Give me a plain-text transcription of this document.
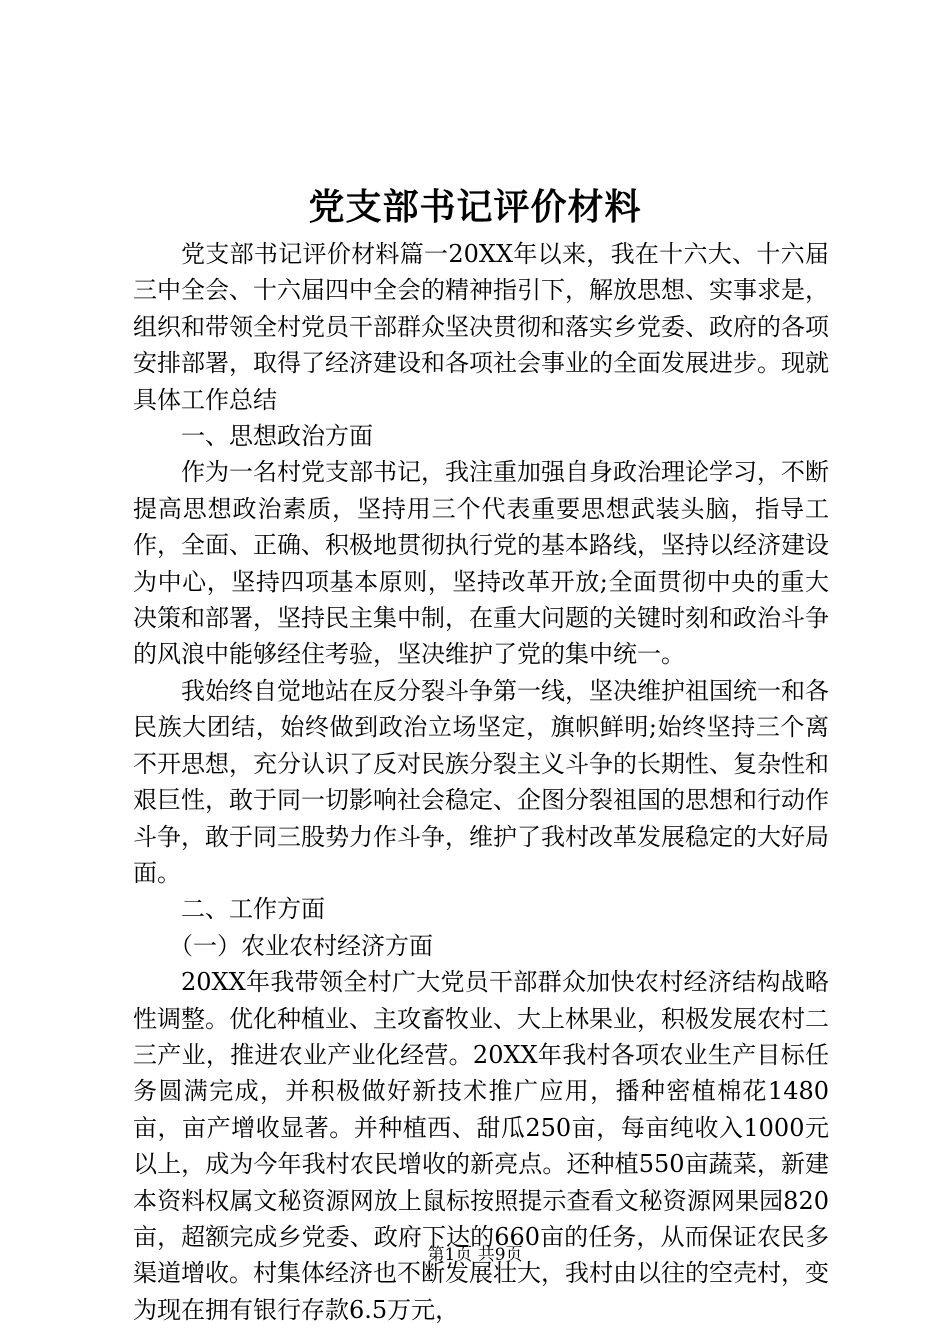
党支部书记评价材料

党支部书记评价材料篇一20XX年以来，我在十六大、十六届三中全会、十六届四中全会的精神指引下，解放思想、实事求是，组织和带领全村党员干部群众坚决贯彻和落实乡党委、政府的各项安排部署，取得了经济建设和各项社会事业的全面发展进步。现就具体工作总结

一、思想政治方面

作为一名村党支部书记，我注重加强自身政治理论学习，不断提高思想政治素质，坚持用三个代表重要思想武装头脑，指导工作，全面、正确、积极地贯彻执行党的基本路线，坚持以经济建设为中心，坚持四项基本原则，坚持改革开放;全面贯彻中央的重大决策和部署，坚持民主集中制，在重大问题的关键时刻和政治斗争的风浪中能够经住考验，坚决维护了党的集中统一。

我始终自觉地站在反分裂斗争第一线，坚决维护祖国统一和各民族大团结，始终做到政治立场坚定，旗帜鲜明;始终坚持三个离不开思想，充分认识了反对民族分裂主义斗争的长期性、复杂性和艰巨性，敢于同一切影响社会稳定、企图分裂祖国的思想和行动作斗争，敢于同三股势力作斗争，维护了我村改革发展稳定的大好局面。

二、工作方面

（一）农业农村经济方面

20XX年我带领全村广大党员干部群众加快农村经济结构战略性调整。优化种植业、主攻畜牧业、大上林果业，积极发展农村二三产业，推进农业产业化经营。20XX年我村各项农业生产目标任务圆满完成，并积极做好新技术推广应用，播种密植棉花1480亩，亩产增收显著。并种植西、甜瓜250亩，每亩纯收入1000元以上，成为今年我村农民增收的新亮点。还种植550亩蔬菜，新建本资料权属文秘资源网放上鼠标按照提示查看文秘资源网果园820亩，超额完成乡党委、政府下达的660亩的任务，从而保证农民多渠道增收。村集体经济也不断发展壮大，我村由以往的空壳村，变为现在拥有银行存款6.5万元，

第1页 共9页
